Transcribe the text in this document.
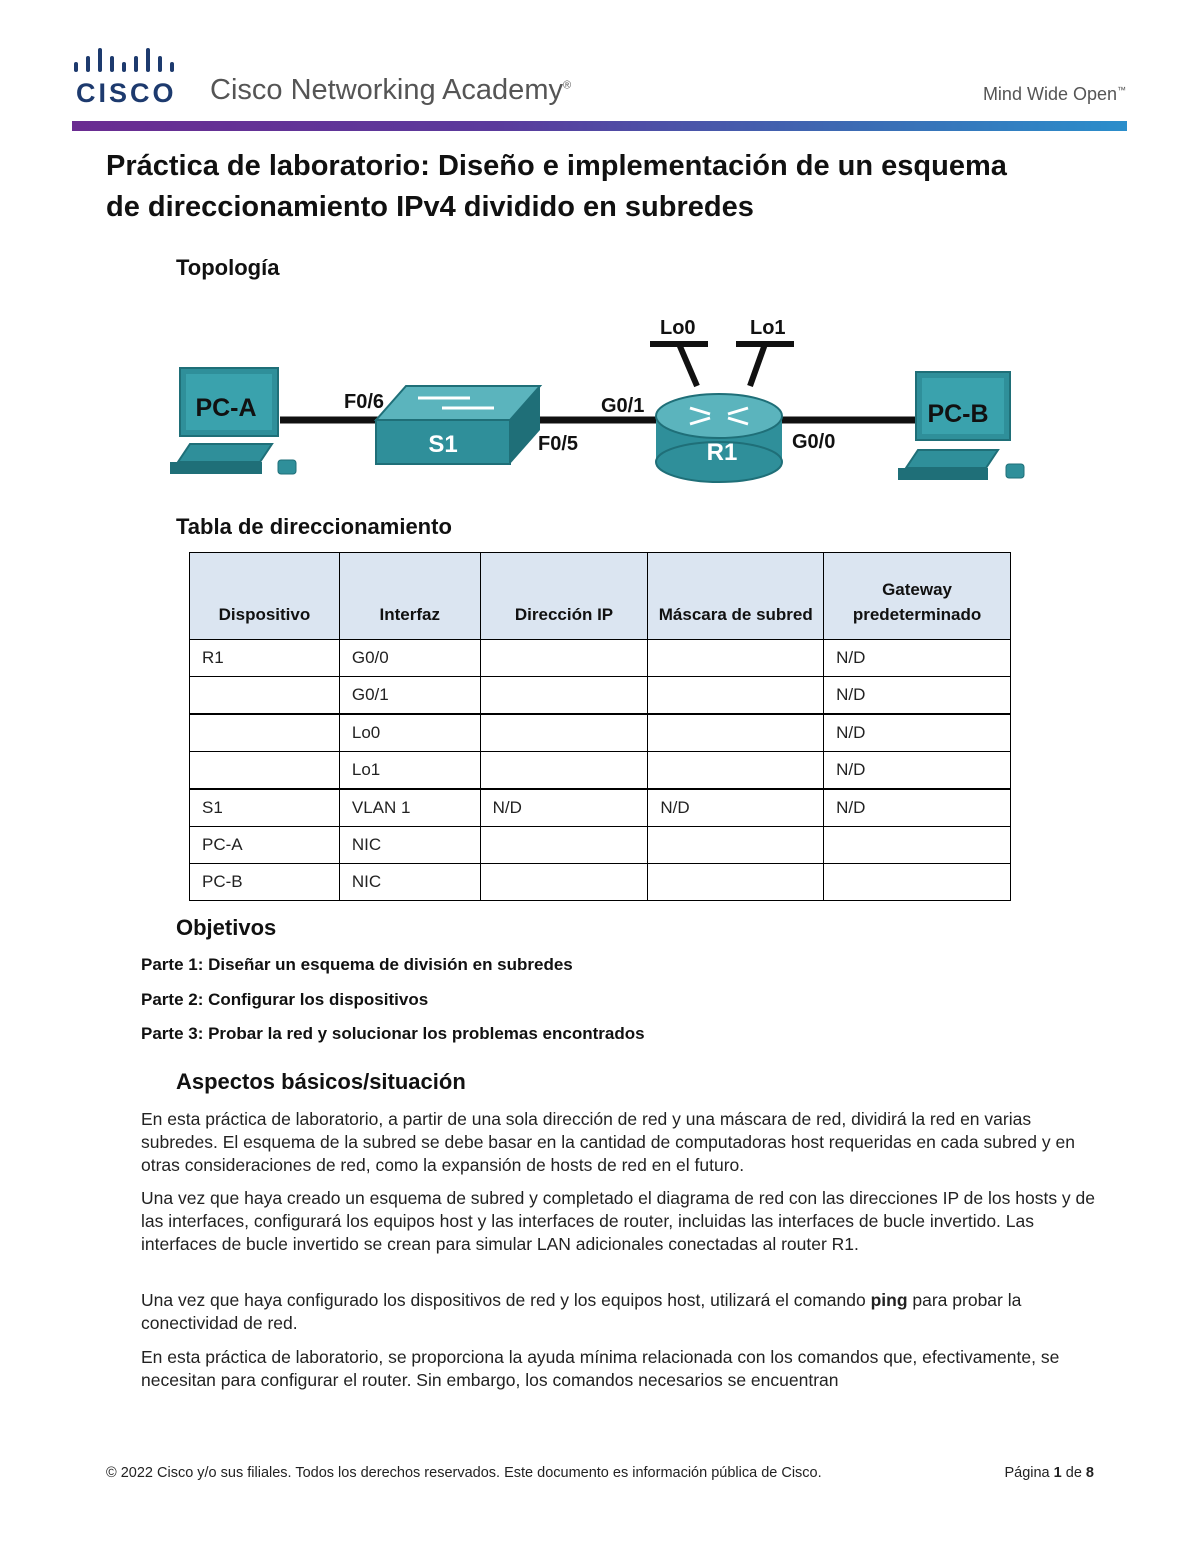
CISCO Cisco Networking Academy®	Mind Wide Open™
Práctica de laboratorio: Diseño e implementación de un esquema
de direccionamiento IPv4 dividido en subredes
Topología
PC-A
S1	R1
PC-B
F0/6
F0/5
G0/1
G0/0
Lo0	Lo1
Tabla de direccionamiento
Dispositivo	Interfaz	Dirección IP	Máscara de subred	Gateway predeterminado
R1	G0/0			N/D
	G0/1			N/D
	Lo0			N/D
	Lo1			N/D
S1	VLAN 1	N/D	N/D	N/D
PC-A	NIC			
PC-B	NIC			
Objetivos
Parte 1: Diseñar un esquema de división en subredes
Parte 2: Configurar los dispositivos
Parte 3: Probar la red y solucionar los problemas encontrados
Aspectos básicos/situación

En esta práctica de laboratorio, a partir de una sola dirección de red y una máscara de red, dividirá la red en varias subredes. El esquema de la subred se debe basar en la cantidad de computadoras host requeridas en cada subred y en otras consideraciones de red, como la expansión de hosts de red en el futuro.

Una vez que haya creado un esquema de subred y completado el diagrama de red con las direcciones IP de los hosts y de las interfaces, configurará los equipos host y las interfaces de router, incluidas las interfaces de bucle invertido. Las interfaces de bucle invertido se crean para simular LAN adicionales conectadas al router R1.

Una vez que haya configurado los dispositivos de red y los equipos host, utilizará el comando ping para probar la conectividad de red.

En esta práctica de laboratorio, se proporciona la ayuda mínima relacionada con los comandos que, efectivamente, se necesitan para configurar el router. Sin embargo, los comandos necesarios se encuentran

© 2022 Cisco y/o sus filiales. Todos los derechos reservados. Este documento es información pública de Cisco.	Página 1 de 8
